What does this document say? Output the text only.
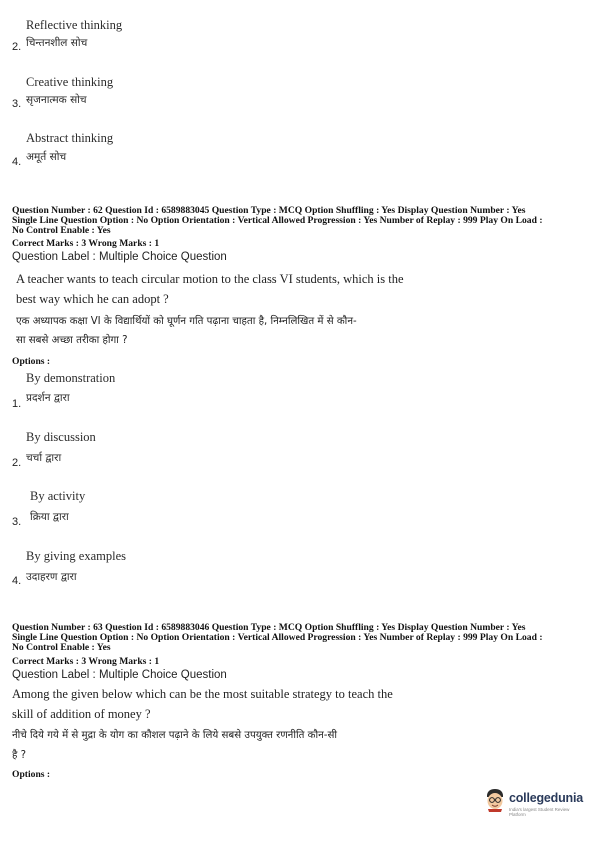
Reflective thinking
2. चिन्तनशील सोच
Creative thinking
3. सृजनात्मक सोच
Abstract thinking
4. अमूर्त सोच
Question Number : 62 Question Id : 6589883045 Question Type : MCQ Option Shuffling : Yes Display Question Number : Yes
Single Line Question Option : No Option Orientation : Vertical Allowed Progression : Yes Number of Replay : 999 Play On Load :
No Control Enable : Yes
Correct Marks : 3 Wrong Marks : 1
Question Label : Multiple Choice Question
A teacher wants to teach circular motion to the class VI students, which is the
best way which he can adopt ?
एक अध्यापक कक्षा VI के विद्यार्थियों को घूर्णन गति पढ़ाना चाहता है, निम्नलिखित में से कौन-
सा सबसे अच्छा तरीका होगा ?
Options :
By demonstration
1. प्रदर्शन द्वारा
By discussion
2. चर्चा द्वारा
By activity
3. क्रिया द्वारा
By giving examples
4. उदाहरण द्वारा
Question Number : 63 Question Id : 6589883046 Question Type : MCQ Option Shuffling : Yes Display Question Number : Yes
Single Line Question Option : No Option Orientation : Vertical Allowed Progression : Yes Number of Replay : 999 Play On Load :
No Control Enable : Yes
Correct Marks : 3 Wrong Marks : 1
Question Label : Multiple Choice Question
Among the given below which can be the most suitable strategy to teach the
skill of addition of money ?
नीचे दिये गये में से मुद्रा के योग का कौशल पढ़ाने के लिये सबसे उपयुक्त रणनीति कौन-सी
है ?
Options :
collegedunia
India's largest Student Review Platform
